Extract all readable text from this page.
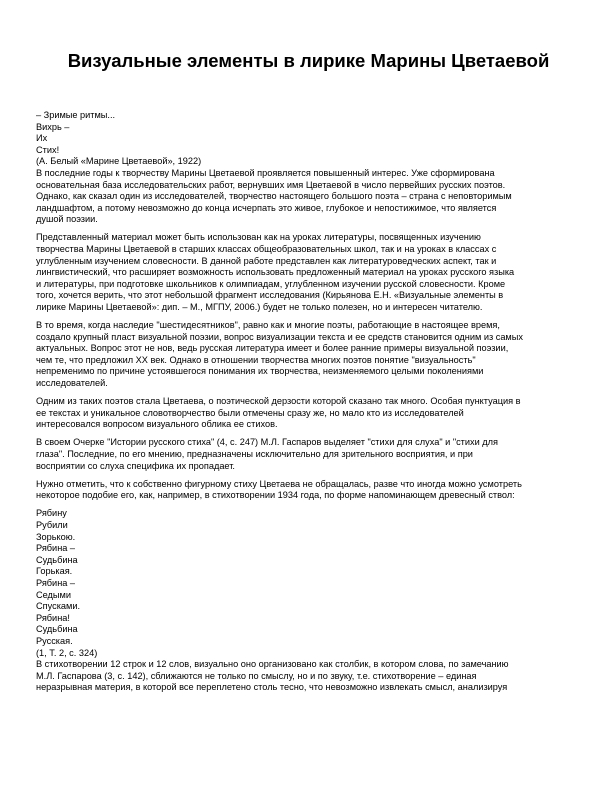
Визуальные элементы в лирике Марины Цветаевой
– Зримые ритмы...
Вихрь –
Их
Стих!
(А. Белый «Марине Цветаевой», 1922)
В последние годы к творчеству Марины Цветаевой проявляется повышенный интерес. Уже сформирована
основательная база исследовательских работ, вернувших имя Цветаевой в число первейших русских поэтов.
Однако, как сказал один из исследователей, творчество настоящего большого поэта – страна с неповторимым
ландшафтом, а потому невозможно до конца исчерпать это живое, глубокое и непостижимое, что является
душой поэзии.
Представленный материал может быть использован как на уроках литературы, посвященных изучению
творчества Марины Цветаевой в старших классах общеобразовательных школ, так и на уроках в классах с
углубленным изучением словесности. В данной работе представлен как литературоведческих аспект, так и
лингвистический, что расширяет возможность использовать предложенный материал на уроках русского языка
и литературы, при подготовке школьников к олимпиадам, углубленном изучении русской словесности. Кроме
того, хочется верить, что этот небольшой фрагмент исследования (Кирьянова Е.Н. «Визуальные элементы в
лирике Марины Цветаевой»: дип. – М., МГПУ, 2006.) будет не только полезен, но и интересен читателю.
В то время, когда наследие "шестидесятников", равно как и многие поэты, работающие в настоящее время,
создало крупный пласт визуальной поэзии, вопрос визуализации текста и ее средств становится одним из самых
актуальных. Вопрос этот не нов, ведь русская литература имеет и более ранние примеры визуальной поэзии,
чем те, что предложил XX век. Однако в отношении творчества многих поэтов понятие "визуальность"
непременимо по причине устоявшегося понимания их творчества, неизменяемого целыми поколениями
исследователей.
Одним из таких поэтов стала Цветаева, о поэтической дерзости которой сказано так много. Особая пунктуация в
ее текстах и уникальное словотворчество были отмечены сразу же, но мало кто из исследователей
интересовался вопросом визуального облика ее стихов.
В своем Очерке "Истории русского стиха" (4, с. 247) М.Л. Гаспаров выделяет "стихи для слуха" и "стихи для
глаза". Последние, по его мнению, предназначены исключительно для зрительного восприятия, и при
восприятии со слуха специфика их пропадает.
Нужно отметить, что к собственно фигурному стиху Цветаева не обращалась, разве что иногда можно усмотреть
некоторое подобие его, как, например, в стихотворении 1934 года, по форме напоминающем древесный ствол:
Рябину
Рубили
Зорькою.
Рябина –
Судьбина
Горькая.
Рябина –
Седыми
Спусками.
Рябина!
Судьбина
Русская.
(1, Т. 2, с. 324)
В стихотворении 12 строк и 12 слов, визуально оно организовано как столбик, в котором слова, по замечанию
М.Л. Гаспарова (3, с. 142), сближаются не только по смыслу, но и по звуку, т.е. стихотворение – единая
неразрывная материя, в которой все переплетено столь тесно, что невозможно извлекать смысл, анализируя
